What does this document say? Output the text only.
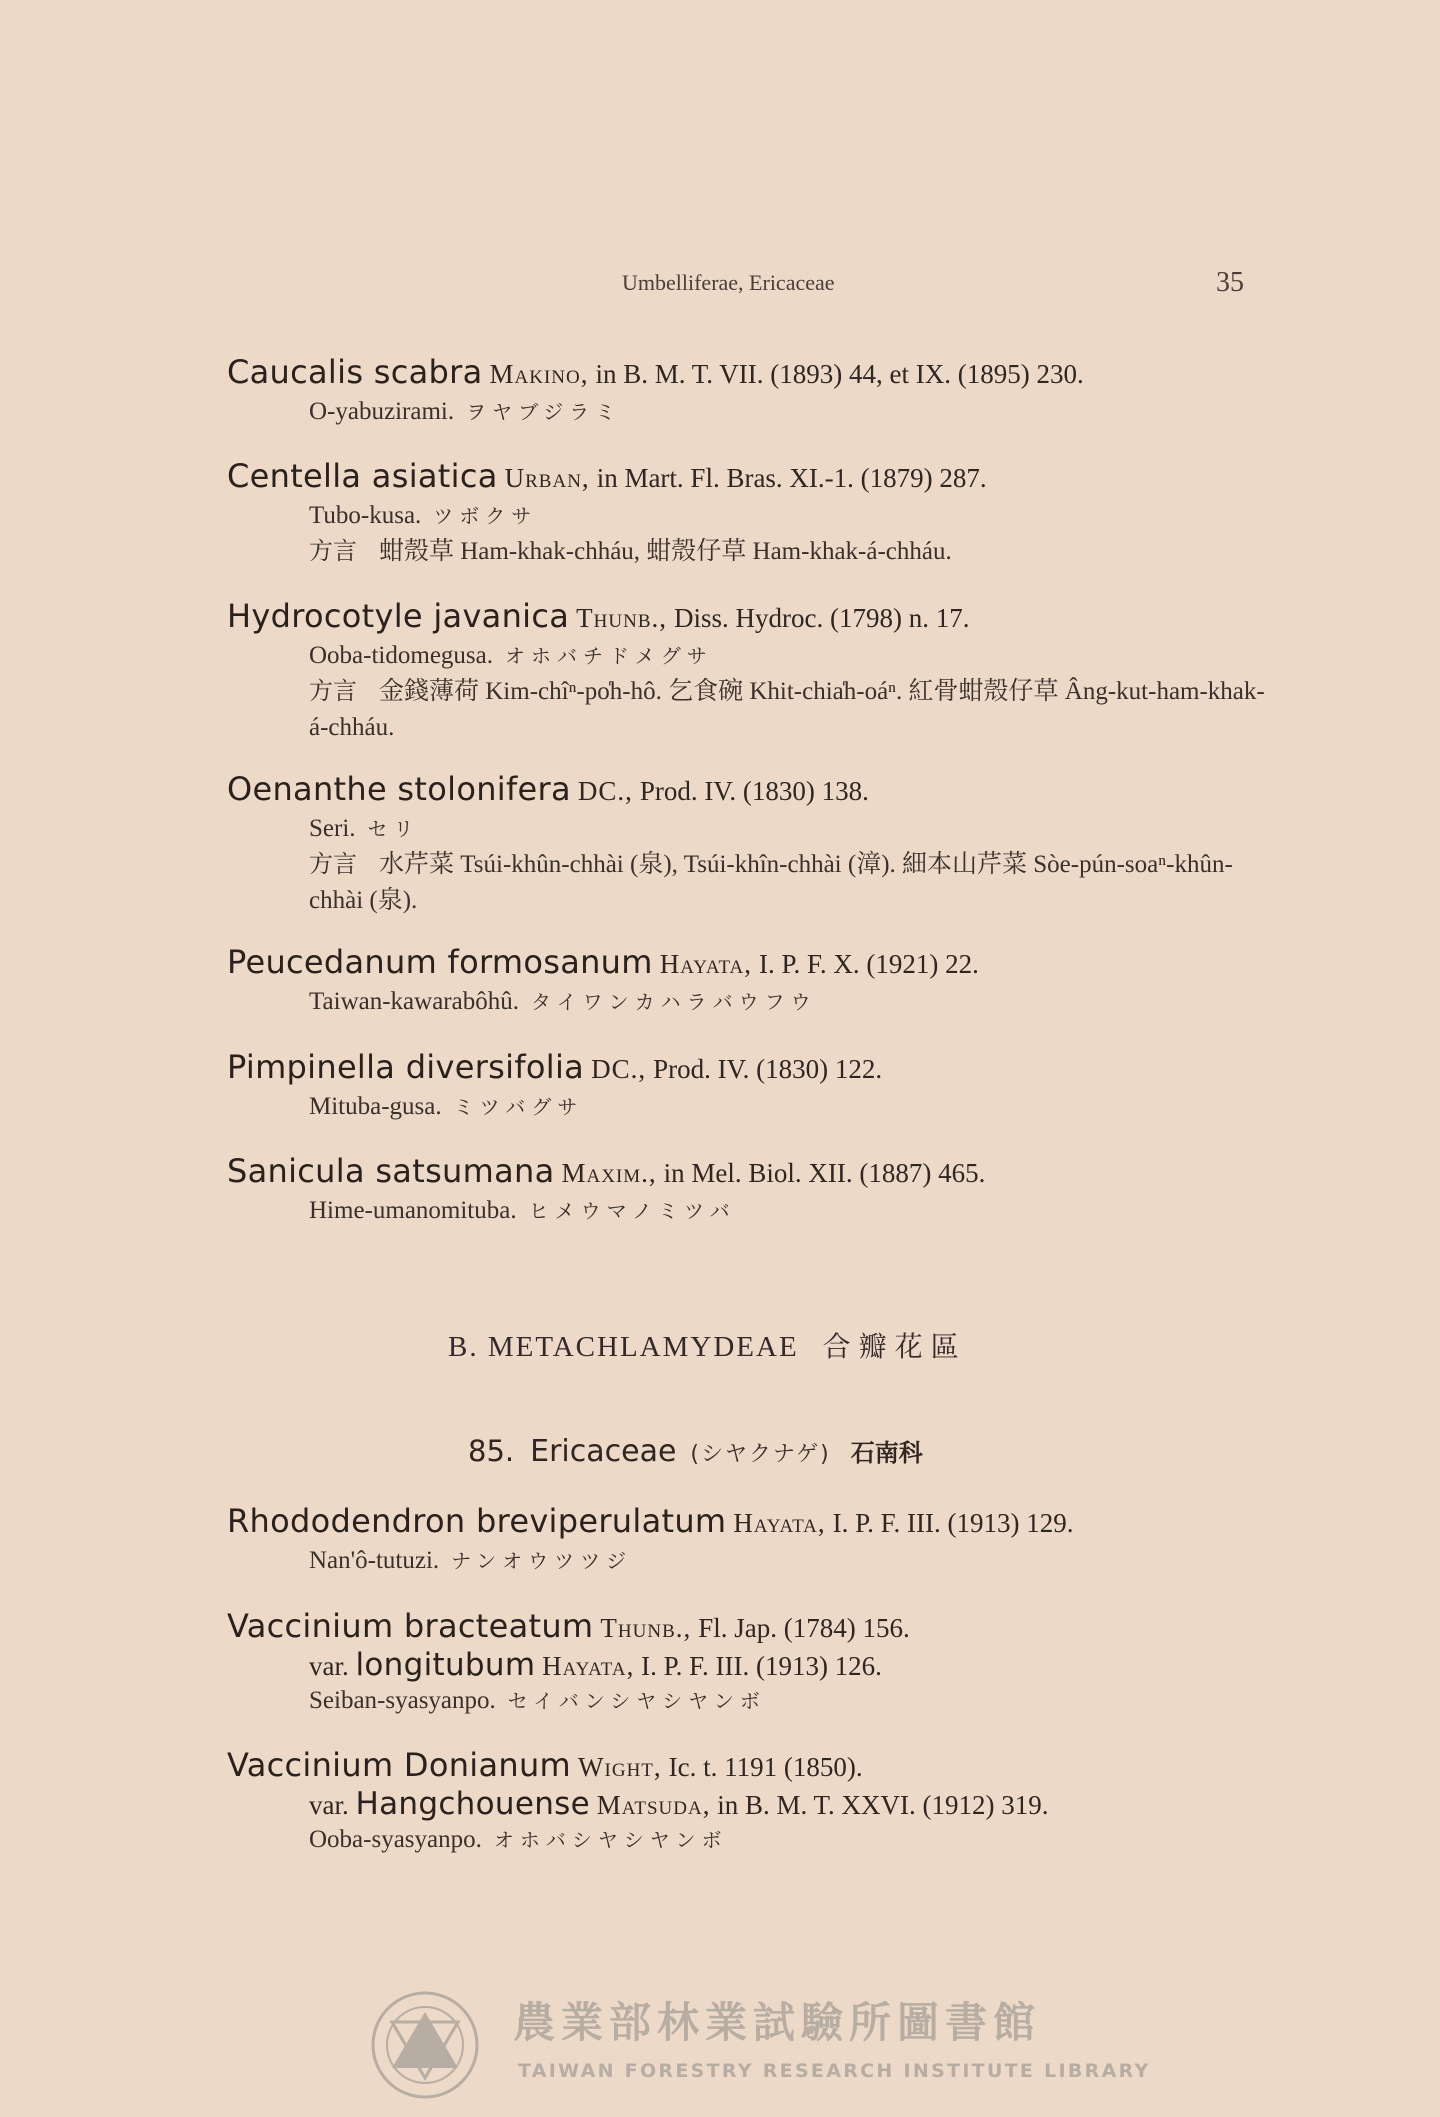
Umbelliferae, Ericaceae	35
Caucalis scabra Makino, in B. M. T. VII. (1893) 44, et IX. (1895) 230.
O-yabuzirami. ヲヤブジラミ
Centella asiatica Urban, in Mart. Fl. Bras. XI.-1. (1879) 287.
Tubo-kusa. ツボクサ
方言 蚶殼草 Ham-khak-chháu, 蚶殼仔草 Ham-khak-á-chháu.
Hydrocotyle javanica Thunb., Diss. Hydroc. (1798) n. 17.
Ooba-tidomegusa. オホバチドメグサ
方言 金錢薄荷 Kim-chîⁿ-po̍h-hô. 乞食碗 Khit-chia̍h-oáⁿ. 紅骨蚶殼仔草 Âng-kut-ham-khak-á-chháu.
Oenanthe stolonifera DC., Prod. IV. (1830) 138.
Seri. セリ
方言 水芹菜 Tsúi-khûn-chhài (泉), Tsúi-khîn-chhài (漳). 細本山芹菜 Sòe-pún-soaⁿ-khûn-chhài (泉).
Peucedanum formosanum Hayata, I. P. F. X. (1921) 22.
Taiwan-kawarabôhû. タイワンカハラバウフウ
Pimpinella diversifolia DC., Prod. IV. (1830) 122.
Mituba-gusa. ミツバグサ
Sanicula satsumana Maxim., in Mel. Biol. XII. (1887) 465.
Hime-umanomituba. ヒメウマノミツバ
B. METACHLAMYDEAE 合瓣花區
85. Ericaceae (シヤクナゲ) 石南科
Rhododendron breviperulatum Hayata, I. P. F. III. (1913) 129.
Nan'ô-tutuzi. ナンオウツツジ
Vaccinium bracteatum Thunb., Fl. Jap. (1784) 156.
var. longitubum Hayata, I. P. F. III. (1913) 126.
Seiban-syasyanpo. セイバンシヤシヤンボ
Vaccinium Donianum Wight, Ic. t. 1191 (1850).
var. Hangchouense Matsuda, in B. M. T. XXVI. (1912) 319.
Ooba-syasyanpo. オホバシヤシヤンボ
農業部林業試驗所圖書館
TAIWAN FORESTRY RESEARCH INSTITUTE LIBRARY
